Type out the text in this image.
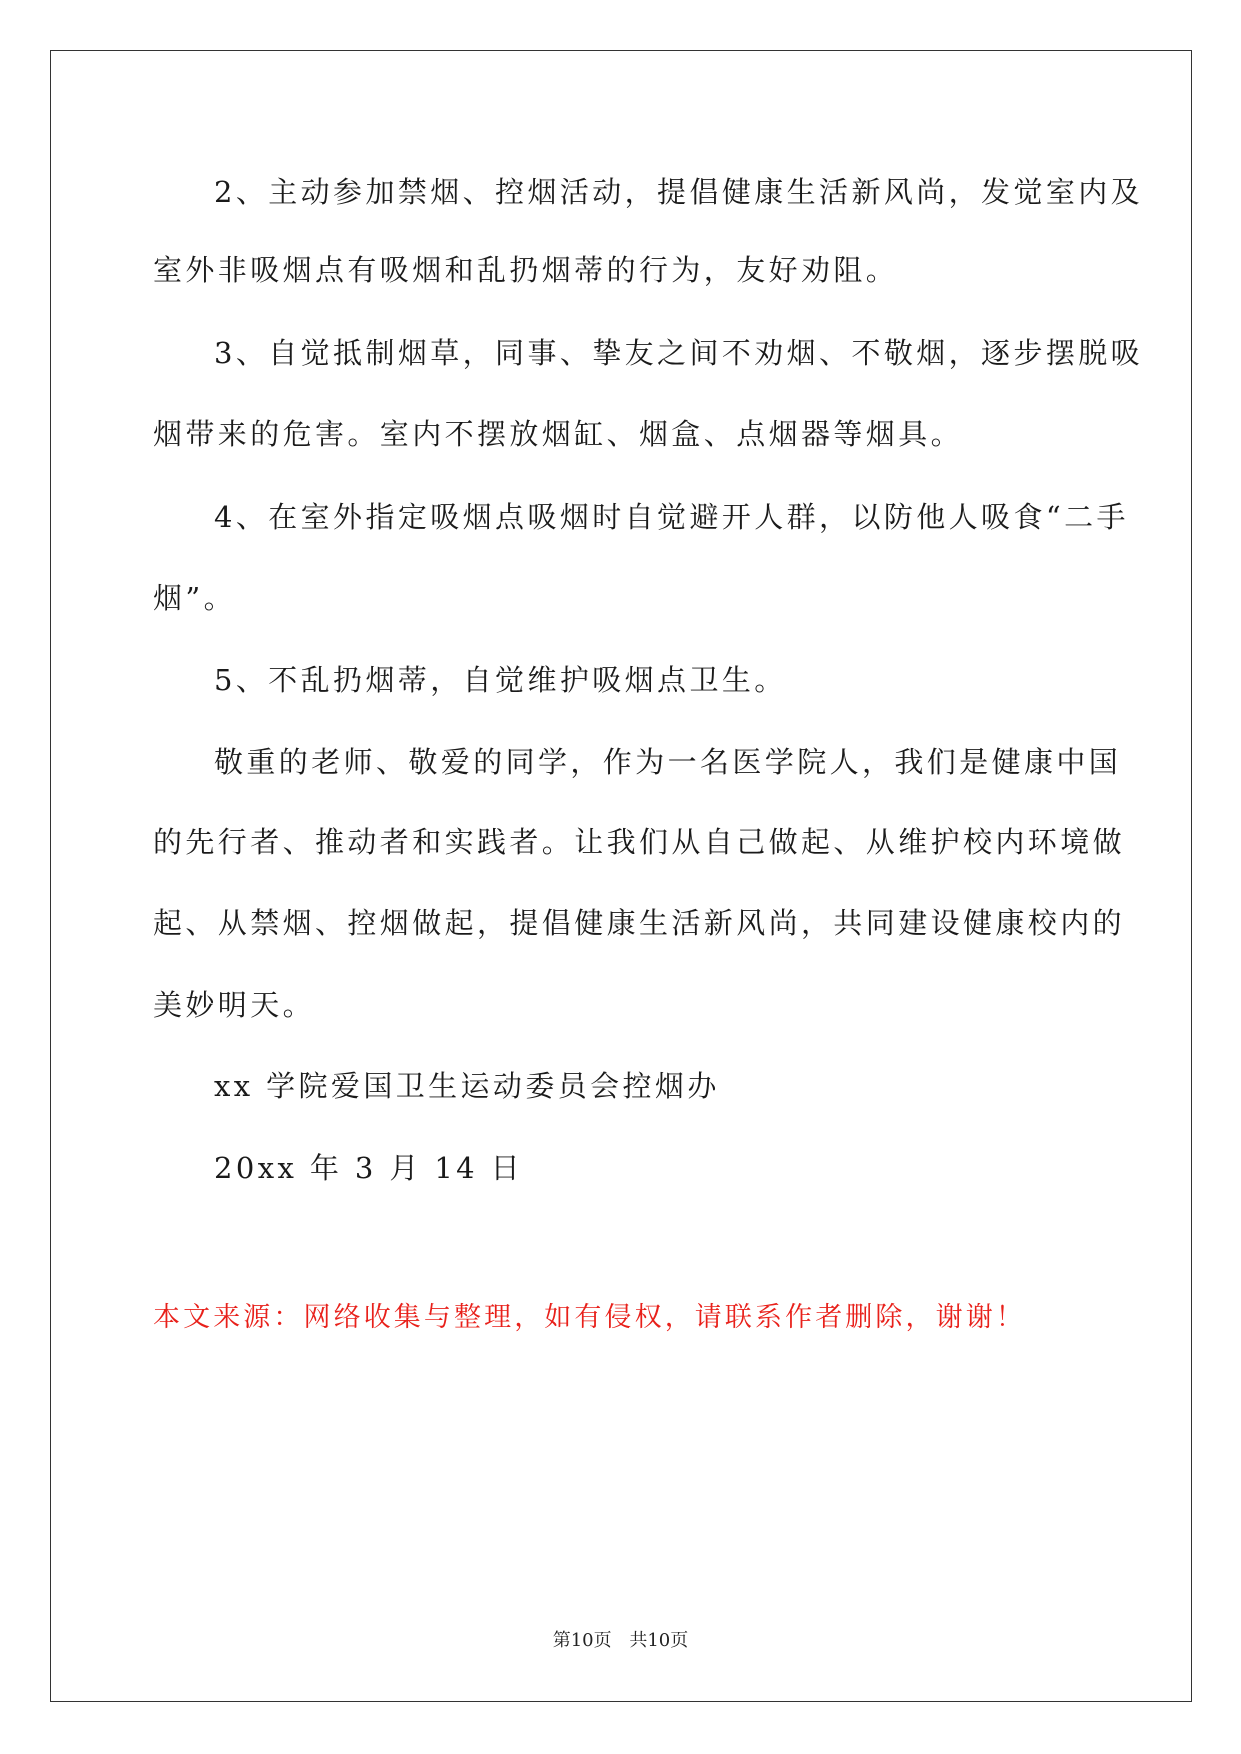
2、主动参加禁烟、控烟活动，提倡健康生活新风尚，发觉室内及

室外非吸烟点有吸烟和乱扔烟蒂的行为，友好劝阻。

3、自觉抵制烟草，同事、挚友之间不劝烟、不敬烟，逐步摆脱吸

烟带来的危害。室内不摆放烟缸、烟盒、点烟器等烟具。

4、在室外指定吸烟点吸烟时自觉避开人群，以防他人吸食“二手

烟”。

5、不乱扔烟蒂，自觉维护吸烟点卫生。

敬重的老师、敬爱的同学，作为一名医学院人，我们是健康中国

的先行者、推动者和实践者。让我们从自己做起、从维护校内环境做

起、从禁烟、控烟做起，提倡健康生活新风尚，共同建设健康校内的

美妙明天。

xx 学院爱国卫生运动委员会控烟办

20xx 年 3 月 14 日

本文来源：网络收集与整理，如有侵权，请联系作者删除，谢谢！
第10页 共10页
